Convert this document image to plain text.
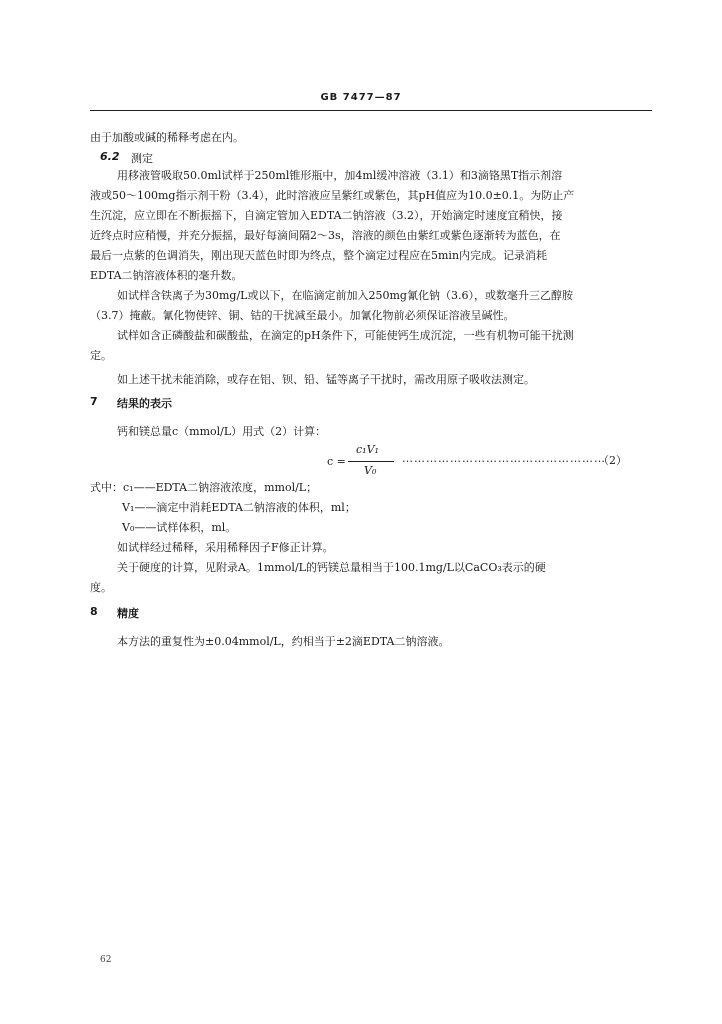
GB 7477—87
由于加酸或碱的稀释考虑在内。
6.2 测定
用移液管吸取50.0ml试样于250ml锥形瓶中，加4ml缓冲溶液（3.1）和3滴铬黑T指示剂溶
液或50～100mg指示剂干粉（3.4），此时溶液应呈紫红或紫色，其pH值应为10.0±0.1。为防止产
生沉淀，应立即在不断振摇下，自滴定管加入EDTA二钠溶液（3.2），开始滴定时速度宜稍快，接
近终点时应稍慢，并充分振摇，最好每滴间隔2～3s，溶液的颜色由紫红或紫色逐渐转为蓝色，在
最后一点紫的色调消失，刚出现天蓝色时即为终点，整个滴定过程应在5min内完成。记录消耗
EDTA二钠溶液体积的毫升数。
如试样含铁离子为30mg/L或以下，在临滴定前加入250mg氰化钠（3.6），或数毫升三乙醇胺
（3.7）掩蔽。氰化物使锌、铜、钴的干扰减至最小。加氰化物前必须保证溶液呈碱性。
试样如含正磷酸盐和碳酸盐，在滴定的pH条件下，可能使钙生成沉淀，一些有机物可能干扰测
定。
如上述干扰未能消除，或存在铝、钡、铅、锰等离子干扰时，需改用原子吸收法测定。
7 结果的表示
钙和镁总量c（mmol/L）用式（2）计算：
c =
c₁V₁
V₀
……………………………………………
（2）
式中：c₁——EDTA二钠溶液浓度，mmol/L；
V₁——滴定中消耗EDTA二钠溶液的体积，ml；
V₀——试样体积，ml。
如试样经过稀释，采用稀释因子F修正计算。
关于硬度的计算，见附录A。1mmol/L的钙镁总量相当于100.1mg/L以CaCO₃表示的硬
度。
8 精度
本方法的重复性为±0.04mmol/L，约相当于±2滴EDTA二钠溶液。
62
